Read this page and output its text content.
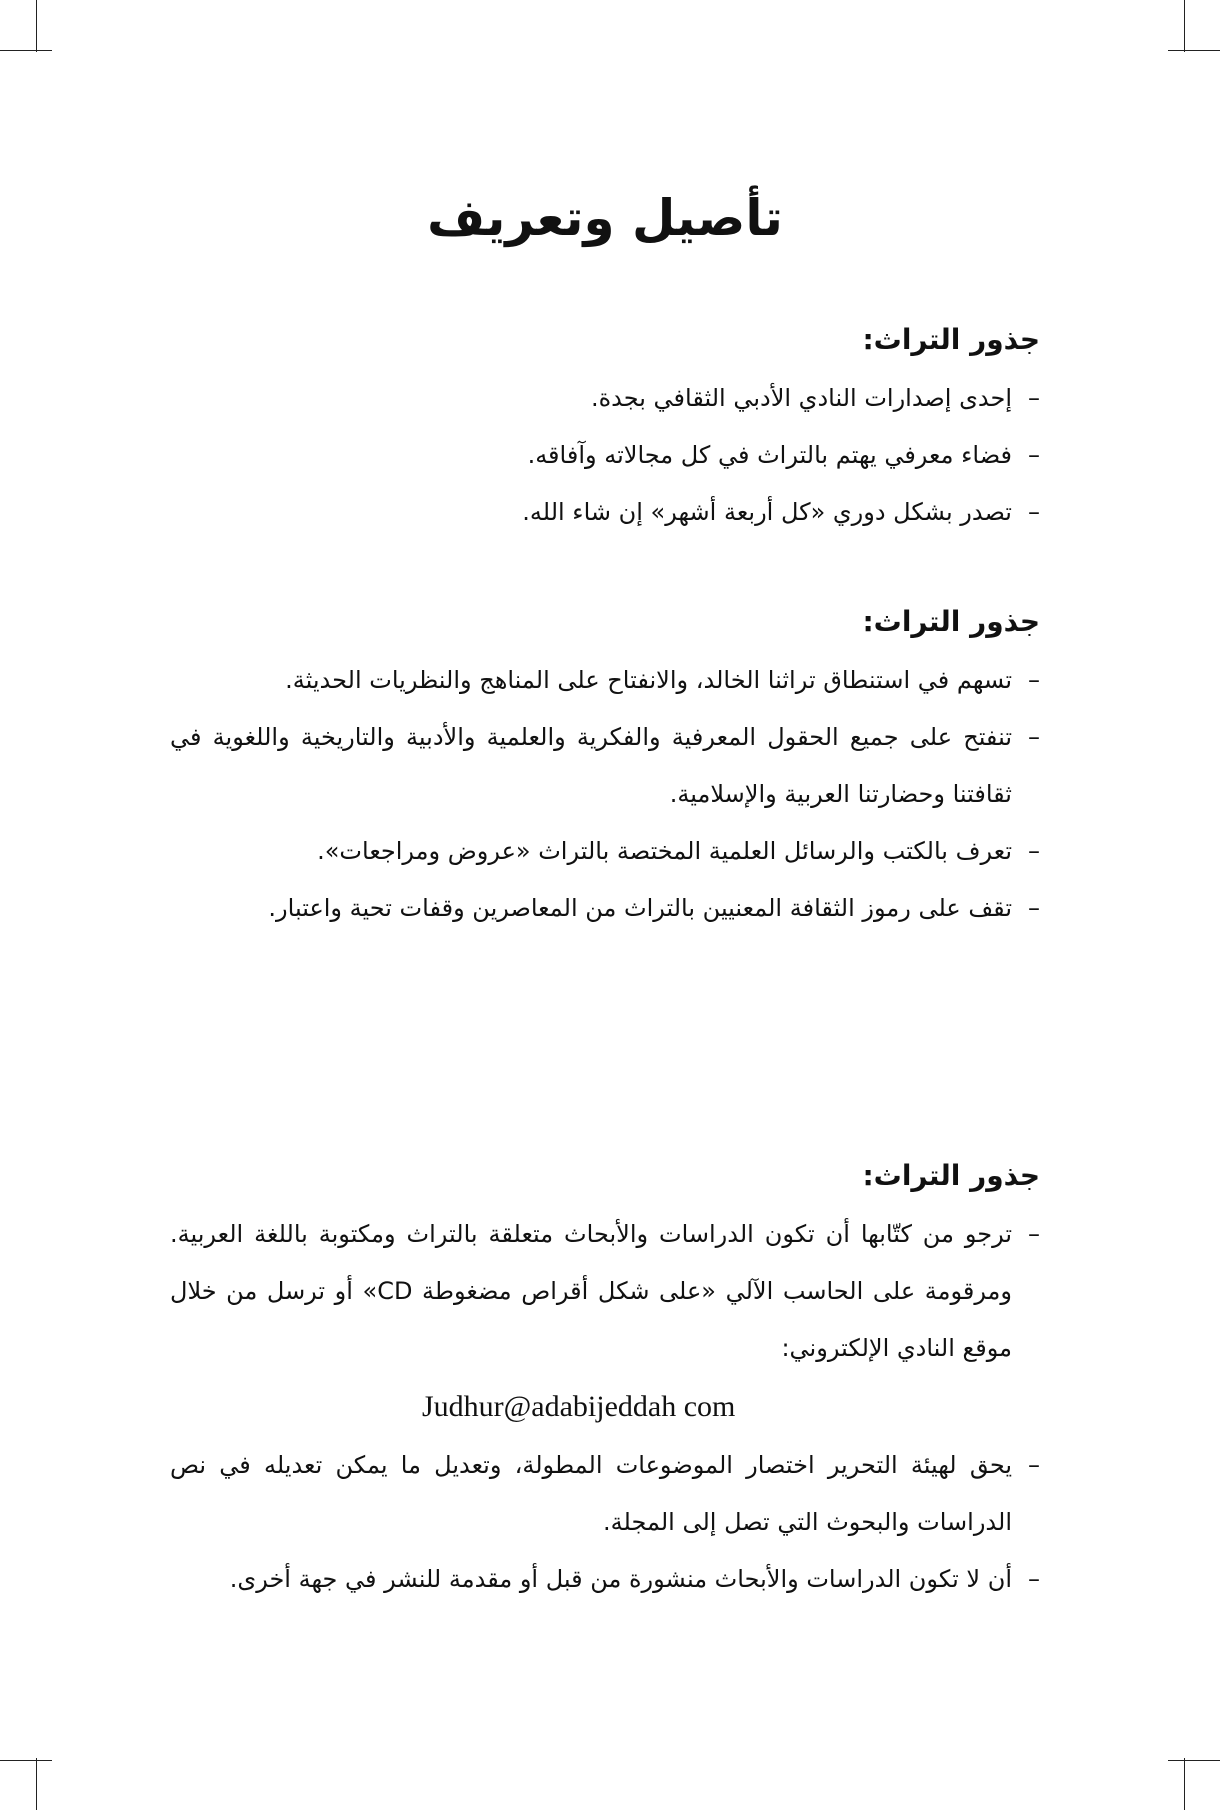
تأصيل وتعريف
جذور التراث:
–
إحدى إصدارات النادي الأدبي الثقافي بجدة.
–
فضاء معرفي يهتم بالتراث في كل مجالاته وآفاقه.
–
تصدر بشكل دوري «كل أربعة أشهر» إن شاء الله.
جذور التراث:
–
تسهم في استنطاق تراثنا الخالد، والانفتاح على المناهج والنظريات الحديثة.
–
تنفتح على جميع الحقول المعرفية والفكرية والعلمية والأدبية والتاريخية واللغوية في ثقافتنا وحضارتنا العربية والإسلامية.
–
تعرف بالكتب والرسائل العلمية المختصة بالتراث «عروض ومراجعات».
–
تقف على رموز الثقافة المعنيين بالتراث من المعاصرين وقفات تحية واعتبار.
جذور التراث:
–
ترجو من كتّابها أن تكون الدراسات والأبحاث متعلقة بالتراث ومكتوبة باللغة العربية. ومرقومة على الحاسب الآلي «على شكل أقراص مضغوطة CD» أو ترسل من خلال موقع النادي الإلكتروني:

Judhur@adabijeddah com

–
يحق لهيئة التحرير اختصار الموضوعات المطولة، وتعديل ما يمكن تعديله في نص الدراسات والبحوث التي تصل إلى المجلة.
–
أن لا تكون الدراسات والأبحاث منشورة من قبل أو مقدمة للنشر في جهة أخرى.
